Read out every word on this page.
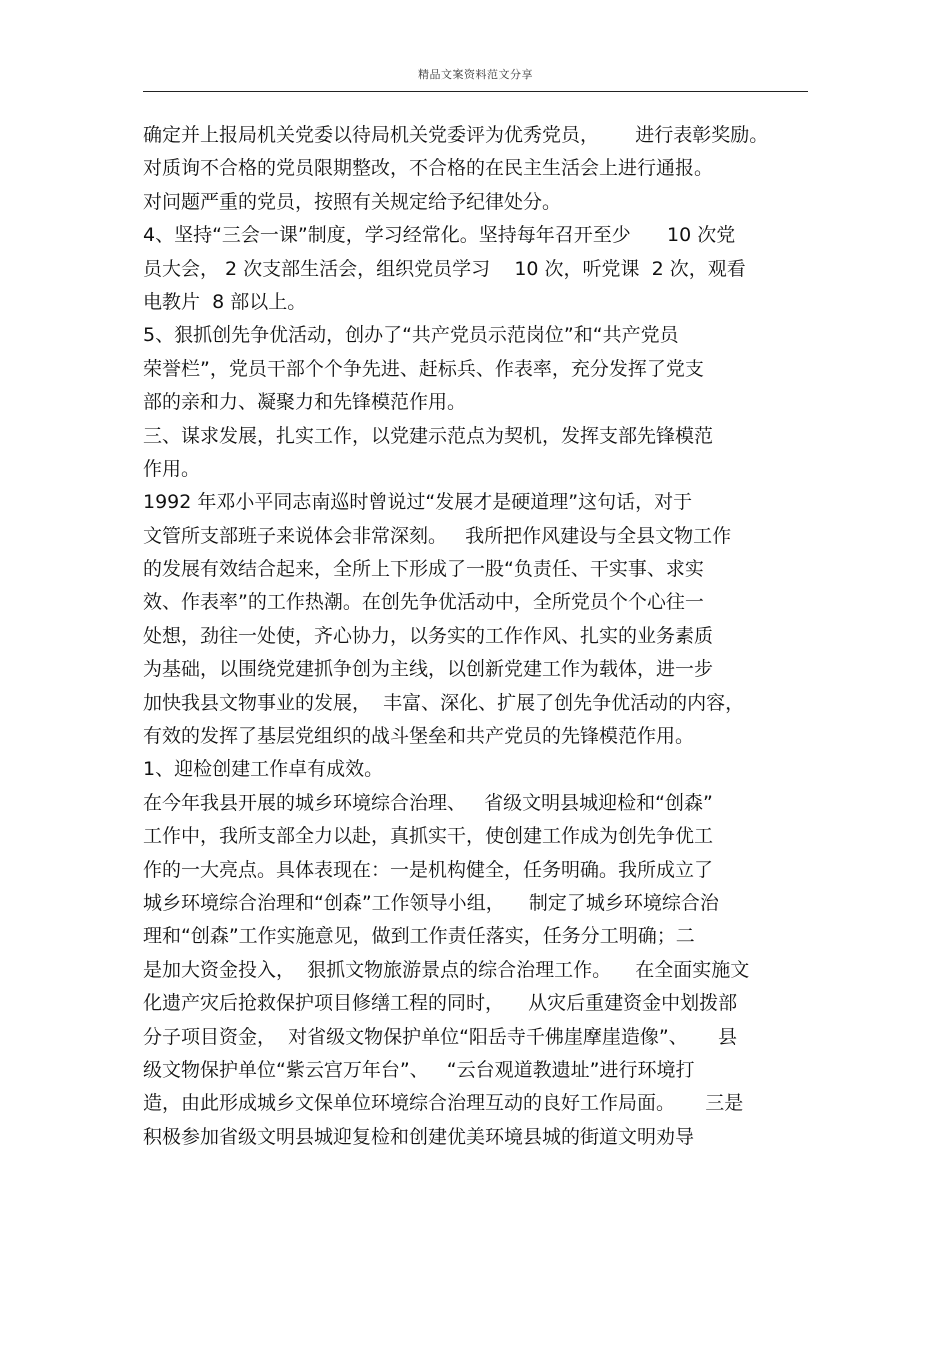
精品文案资料范文分享
确定并上报局机关党委以待局机关党委评为优秀党员，      进行表彰奖励。
对质询不合格的党员限期整改，不合格的在民主生活会上进行通报。
对问题严重的党员，按照有关规定给予纪律处分。
4、坚持“三会一课”制度，学习经常化。坚持每年召开至少      10 次党
员大会， 2 次支部生活会，组织党员学习    10 次，听党课  2 次，观看
电教片  8 部以上。
5、狠抓创先争优活动，创办了“共产党员示范岗位”和“共产党员
荣誉栏”，党员干部个个争先进、赶标兵、作表率，充分发挥了党支
部的亲和力、凝聚力和先锋模范作用。
三、谋求发展，扎实工作，以党建示范点为契机，发挥支部先锋模范
作用。
1992 年邓小平同志南巡时曾说过“发展才是硬道理”这句话，对于
文管所支部班子来说体会非常深刻。   我所把作风建设与全县文物工作
的发展有效结合起来，全所上下形成了一股“负责任、干实事、求实
效、作表率”的工作热潮。在创先争优活动中，全所党员个个心往一
处想，劲往一处使，齐心协力，以务实的工作作风、扎实的业务素质
为基础，以围绕党建抓争创为主线，以创新党建工作为载体，进一步
加快我县文物事业的发展，  丰富、深化、扩展了创先争优活动的内容，
有效的发挥了基层党组织的战斗堡垒和共产党员的先锋模范作用。
1、迎检创建工作卓有成效。
在今年我县开展的城乡环境综合治理、   省级文明县城迎检和“创森”
工作中，我所支部全力以赴，真抓实干，使创建工作成为创先争优工
作的一大亮点。具体表现在：一是机构健全，任务明确。我所成立了
城乡环境综合治理和“创森”工作领导小组，    制定了城乡环境综合治
理和“创森”工作实施意见，做到工作责任落实，任务分工明确；二
是加大资金投入，  狠抓文物旅游景点的综合治理工作。    在全面实施文
化遗产灾后抢救保护项目修缮工程的同时，    从灾后重建资金中划拨部
分子项目资金，  对省级文物保护单位“阳岳寺千佛崖摩崖造像”、     县
级文物保护单位“紫云宫万年台”、   “云台观道教遗址”进行环境打
造，由此形成城乡文保单位环境综合治理互动的良好工作局面。     三是
积极参加省级文明县城迎复检和创建优美环境县城的街道文明劝导
